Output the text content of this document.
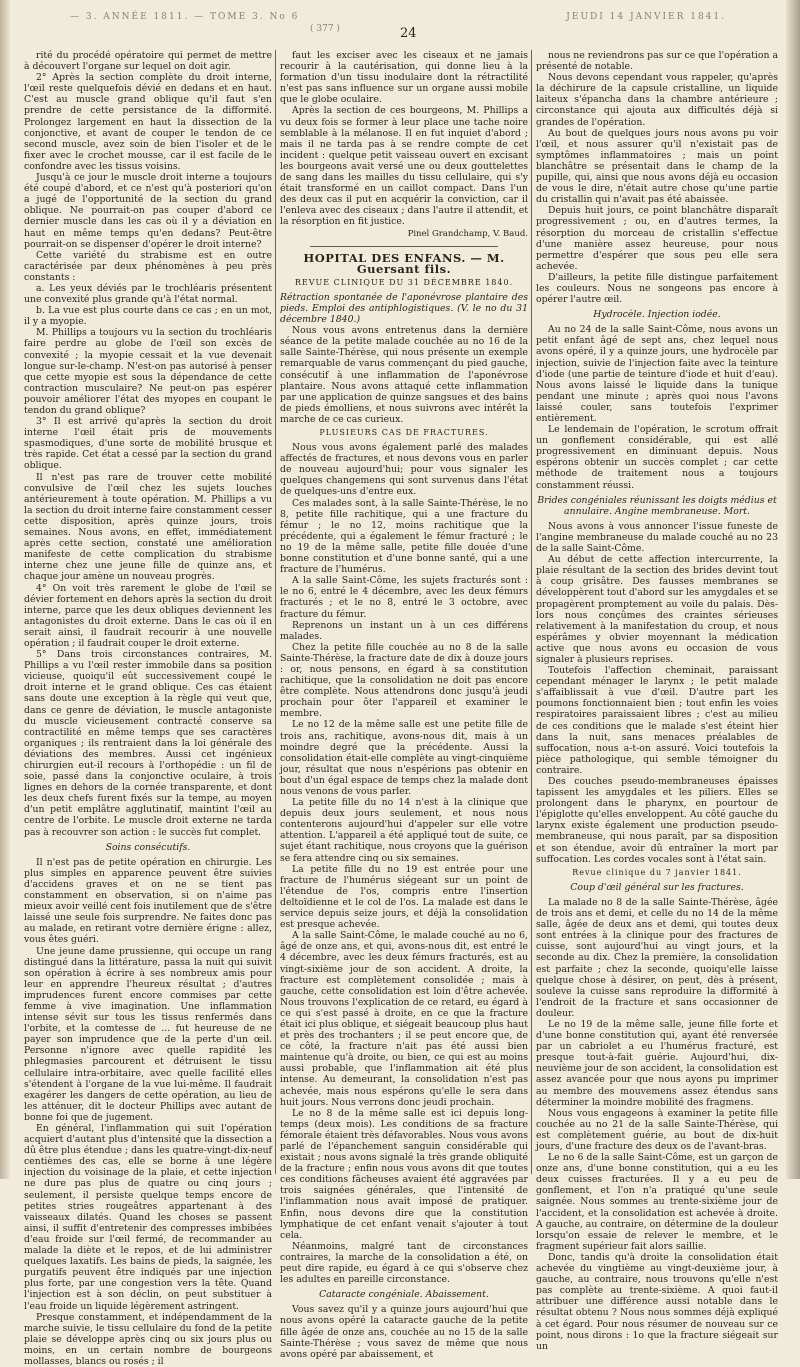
— 3. ANNÉE 1811. — TOME 3. No 6
( 377 )	24
JEUDI 14 JANVIER 1841.

rité du procédé opératoire qui permet de mettre à découvert l'organe sur lequel on doit agir.

2° Après la section complète du droit interne, l'œil reste quelquefois dévié en dedans et en haut. C'est au muscle grand oblique qu'il faut s'en prendre de cette persistance de la difformité. Prolongez largement en haut la dissection de la conjonctive, et avant de couper le tendon de ce second muscle, avez soin de bien l'isoler et de le fixer avec le crochet mousse, car il est facile de le confondre avec les tissus voisins.

Jusqu'à ce jour le muscle droit interne a toujours été coupé d'abord, et ce n'est qu'à posteriori qu'on a jugé de l'opportunité de la section du grand oblique. Ne pourrait-on pas couper d'abord ce dernier muscle dans les cas où il y a déviation en haut en même temps qu'en dedans? Peut-être pourrait-on se dispenser d'opérer le droit interne?

Cette variété du strabisme est en outre caractérisée par deux phénomènes à peu près constants :

a. Les yeux déviés par le trochléaris présentent une convexité plus grande qu'à l'état normal.

b. La vue est plus courte dans ce cas ; en un mot, il y a myopie.

M. Phillips a toujours vu la section du trochléaris faire perdre au globe de l'œil son excès de convexité ; la myopie cessait et la vue devenait longue sur-le-champ. N'est-on pas autorisé à penser que cette myopie est sous la dépendance de cette contraction musculaire? Ne peut-on pas espérer pouvoir améliorer l'état des myopes en coupant le tendon du grand oblique?

3° Il est arrivé qu'après la section du droit interne l'œil était pris de mouvements spasmodiques, d'une sorte de mobilité brusque et très rapide. Cet état a cessé par la section du grand oblique.

Il n'est pas rare de trouver cette mobilité convulsive de l'œil chez les sujets louches antérieurement à toute opération. M. Phillips a vu la section du droit interne faire constamment cesser cette disposition, après quinze jours, trois semaines. Nous avons, en effet, immédiatement après cette section, constaté une amélioration manifeste de cette complication du strabisme interne chez une jeune fille de quinze ans, et chaque jour amène un nouveau progrès.

4° On voit très rarement le globe de l'œil se dévier fortement en dehors après la section du droit interne, parce que les deux obliques deviennent les antagonistes du droit externe. Dans le cas où il en serait ainsi, il faudrait recourir à une nouvelle opération ; il faudrait couper le droit externe.

5° Dans trois circonstances contraires, M. Phillips a vu l'œil rester immobile dans sa position vicieuse, quoiqu'il eût successivement coupé le droit interne et le grand oblique. Ces cas étaient sans doute une exception à la règle qui veut que, dans ce genre de déviation, le muscle antagoniste du muscle vicieusement contracté conserve sa contractilité en même temps que ses caractères organiques ; ils rentraient dans la loi générale des déviations des membres. Aussi cet ingénieux chirurgien eut-il recours à l'orthopédie : un fil de soie, passé dans la conjonctive oculaire, à trois lignes en dehors de la cornée transparente, et dont les deux chefs furent fixés sur la tempe, au moyen d'un petit emplâtre agglutinatif, maintint l'œil au centre de l'orbite. Le muscle droit externe ne tarda pas à recouvrer son action : le succès fut complet.

Soins consécutifs.

Il n'est pas de petite opération en chirurgie. Les plus simples en apparence peuvent être suivies d'accidens graves et on ne se tient pas constamment en observation, si on n'aime pas mieux avoir veillé cent fois inutilement que de s'être laissé une seule fois surprendre. Ne faites donc pas au malade, en retirant votre dernière érigne : allez, vous êtes guéri.

Une jeune dame prussienne, qui occupe un rang distingué dans la littérature, passa la nuit qui suivit son opération à écrire à ses nombreux amis pour leur en apprendre l'heureux résultat ; d'autres imprudences furent encore commises par cette femme à vive imagination. Une inflammation intense sévit sur tous les tissus renfermés dans l'orbite, et la comtesse de ... fut heureuse de ne payer son imprudence que de la perte d'un œil. Personne n'ignore avec quelle rapidité les phlegmasies parcourent et détruisent le tissu cellulaire intra-orbitaire, avec quelle facilité elles s'étendent à l'organe de la vue lui-même. Il faudrait exagérer les dangers de cette opération, au lieu de les atténuer, dit le docteur Phillips avec autant de bonne foi que de jugement.

En général, l'inflammation qui suit l'opération acquiert d'autant plus d'intensité que la dissection a dû être plus étendue ; dans les quatre-vingt-dix-neuf centièmes des cas, elle se borne à une légère injection du voisinage de la plaie, et cette injection ne dure pas plus de quatre ou cinq jours ; seulement, il persiste quelque temps encore de petites stries rougeâtres appartenant à des vaisseaux dilatés. Quand les choses se passent ainsi, il suffit d'entretenir des compresses imbibées d'eau froide sur l'œil fermé, de recommander au malade la diète et le repos, et de lui administrer quelques laxatifs. Les bains de pieds, la saignée, les purgatifs peuvent être indiqués par une injection plus forte, par une congestion vers la tête. Quand l'injection est à son déclin, on peut substituer à l'eau froide un liquide légèrement astringent.

Presque constamment, et indépendamment de la marche suivie, le tissu cellulaire du fond de la petite plaie se développe après cinq ou six jours plus ou moins, en un certain nombre de bourgeons mollasses, blancs ou rosés ; il

faut les exciser avec les ciseaux et ne jamais recourir à la cautérisation, qui donne lieu à la formation d'un tissu inodulaire dont la rétractilité n'est pas sans influence sur un organe aussi mobile que le globe oculaire.

Après la section de ces bourgeons, M. Phillips a vu deux fois se former à leur place une tache noire semblable à la mélanose. Il en fut inquiet d'abord ; mais il ne tarda pas à se rendre compte de cet incident : quelque petit vaisseau ouvert en excisant les bourgeons avait versé une ou deux gouttelettes de sang dans les mailles du tissu cellulaire, qui s'y était transformé en un caillot compact. Dans l'un des deux cas il put en acquérir la conviction, car il l'enleva avec des ciseaux ; dans l'autre il attendit, et la résorption en fit justice.

Pinel Grandchamp, V. Baud.
HOPITAL DES ENFANS. — M. Guersant fils.
REVUE CLINIQUE DU 31 DÉCEMBRE 1840.

Rétraction spontanée de l'aponévrose plantaire des pieds. Emploi des antiphlogistiques. (V. le no du 31 décembre 1840.)

Nous vous avons entretenus dans la dernière séance de la petite malade couchée au no 16 de la salle Sainte-Thérèse, qui nous présente un exemple remarquable de varus commençant du pied gauche, consécutif à une inflammation de l'aponévrose plantaire. Nous avons attaqué cette inflammation par une application de quinze sangsues et des bains de pieds émolliens, et nous suivrons avec intérêt la marche de ce cas curieux.

PLUSIEURS CAS DE FRACTURES.

Nous vous avons également parlé des malades affectés de fractures, et nous devons vous en parler de nouveau aujourd'hui; pour vous signaler les quelques changemens qui sont survenus dans l'état de quelques-uns d'entre eux.

Ces malades sont, à la salle Sainte-Thérèse, le no 8, petite fille rachitique, qui a une fracture du fémur ; le no 12, moins rachitique que la précédente, qui a également le fémur fracturé ; le no 19 de la même salle, petite fille douée d'une bonne constitution et d'une bonne santé, qui a une fracture de l'humérus.

A la salle Saint-Côme, les sujets fracturés sont : le no 6, entré le 4 décembre, avec les deux fémurs fracturés ; et le no 8, entré le 3 octobre, avec fracture du fémur.

Reprenons un instant un à un ces différens malades.

Chez la petite fille couchée au no 8 de la salle Sainte-Thérèse, la fracture date de dix à douze jours : or, nous pensons, en égard à sa constitution rachitique, que la consolidation ne doit pas encore être complète. Nous attendrons donc jusqu'à jeudi prochain pour ôter l'appareil et examiner le membre.

Le no 12 de la même salle est une petite fille de trois ans, rachitique, avons-nous dit, mais à un moindre degré que la précédente. Aussi la consolidation était-elle complète au vingt-cinquième jour, résultat que nous n'espérions pas obtenir en bout d'un égal espace de temps chez la malade dont nous venons de vous parler.

La petite fille du no 14 n'est à la clinique que depuis deux jours seulement, et nous nous contenterons aujourd'hui d'appeler sur elle votre attention. L'appareil a été appliqué tout de suite, ce sujet étant rachitique, nous croyons que la guérison se fera attendre cinq ou six semaines.

La petite fille du no 19 est entrée pour une fracture de l'humérus siégeant sur un point de l'étendue de l'os, compris entre l'insertion deltoïdienne et le col de l'os. La malade est dans le service depuis seize jours, et déjà la consolidation est presque achevée.

A la salle Saint-Côme, le malade couché au no 6, âgé de onze ans, et qui, avons-nous dit, est entré le 4 décembre, avec les deux fémurs fracturés, est au vingt-sixième jour de son accident. A droite, la fracture est complètement consolidée ; mais à gauche, cette consolidation est loin d'être achevée. Nous trouvons l'explication de ce retard, eu égard à ce qui s'est passé à droite, en ce que la fracture était ici plus oblique, et siégeait beaucoup plus haut et près des trochanters ; il se peut encore que, de ce côté, la fracture n'ait pas été aussi bien maintenue qu'à droite, ou bien, ce qui est au moins aussi probable, que l'inflammation ait été plus intense. Au demeurant, la consolidation n'est pas achevée, mais nous espérons qu'elle le sera dans huit jours. Nous verrons donc jeudi prochain.

Le no 8 de la même salle est ici depuis long-temps (deux mois). Les conditions de sa fracture fémorale étaient très défavorables. Nous vous avons parlé de l'épanchement sanguin considérable qui existait ; nous avons signalé la très grande obliquité de la fracture ; enfin nous vous avons dit que toutes ces conditions fâcheuses avaient été aggravées par trois saignées générales, que l'intensité de l'inflammation nous avait imposé de pratiquer. Enfin, nous devons dire que la constitution lymphatique de cet enfant venait s'ajouter à tout cela.

Néanmoins, malgré tant de circonstances contraires, la marche de la consolidation a été, on peut dire rapide, eu égard à ce qui s'observe chez les adultes en pareille circonstance.

Cataracte congéniale. Abaissement.

Vous savez qu'il y a quinze jours aujourd'hui que nous avons opéré la cataracte gauche de la petite fille âgée de onze ans, couchée au no 15 de la salle Sainte-Thérèse ; vous savez de même que nous avons opéré par abaissement, et

nous ne reviendrons pas sur ce que l'opération a présenté de notable.

Nous devons cependant vous rappeler, qu'après la déchirure de la capsule cristalline, un liquide laiteux s'épancha dans la chambre antérieure ; circonstance qui ajouta aux difficultés déjà si grandes de l'opération.

Au bout de quelques jours nous avons pu voir l'œil, et nous assurer qu'il n'existait pas de symptômes inflammatoires ; mais un point blanchâtre se présentait dans le champ de la pupille, qui, ainsi que nous avons déjà eu occasion de vous le dire, n'était autre chose qu'une partie du cristallin qui n'avait pas été abaissée.

Depuis huit jours, ce point blanchâtre disparaît progressivement ; ou, en d'autres termes, la résorption du morceau de cristallin s'effectue d'une manière assez heureuse, pour nous permettre d'espérer que sous peu elle sera achevée.

D'ailleurs, la petite fille distingue parfaitement les couleurs. Nous ne songeons pas encore à opérer l'autre œil.

Hydrocèle. Injection iodée.

Au no 24 de la salle Saint-Côme, nous avons un petit enfant âgé de sept ans, chez lequel nous avons opéré, il y a quinze jours, une hydrocèle par injection, suivie de l'injection faite avec la teinture d'iode (une partie de teinture d'iode et huit d'eau). Nous avons laissé le liquide dans la tunique pendant une minute ; après quoi nous l'avons laissé couler, sans toutefois l'exprimer entièrement.

Le lendemain de l'opération, le scrotum offrait un gonflement considérable, qui est allé progressivement en diminuant depuis. Nous espérons obtenir un succès complet ; car cette méthode de traitement nous a toujours constamment réussi.

Brides congéniales réunissant les doigts médius et annulaire. Angine membraneuse. Mort.

Nous avons à vous annoncer l'issue funeste de l'angine membraneuse du malade couché au no 23 de la salle Saint-Côme.

Au début de cette affection intercurrente, la plaie résultant de la section des brides devint tout à coup grisâtre. Des fausses membranes se développèrent tout d'abord sur les amygdales et se propagèrent promptement au voile du palais. Dès-lors nous conçûmes des craintes sérieuses relativement à la manifestation du croup, et nous espérâmes y obvier moyennant la médication active que nous avons eu occasion de vous signaler à plusieurs reprises.

Toutefois l'affection cheminait, paraissant cependant ménager le larynx ; le petit malade s'affaiblissait à vue d'œil. D'autre part les poumons fonctionnaient bien ; tout enfin les voies respiratoires paraissaient libres ; c'est au milieu de ces conditions que le malade s'est éteint hier dans la nuit, sans menaces préalables de suffocation, nous a-t-on assuré. Voici toutefois la pièce pathologique, qui semble témoigner du contraire.

Des couches pseudo-membraneuses épaisses tapissent les amygdales et les piliers. Elles se prolongent dans le pharynx, en pourtour de l'épiglotte qu'elles enveloppent. Au côté gauche du larynx existe également une production pseudo-membraneuse, qui nous paraît, par sa disposition et son étendue, avoir dû entraîner la mort par suffocation. Les cordes vocales sont à l'état sain.

Revue clinique du 7 janvier 1841.
Coup d'œil général sur les fractures.

La malade no 8 de la salle Sainte-Thérèse, âgée de trois ans et demi, et celle du no 14 de la même salle, âgée de deux ans et demi, qui toutes deux sont entrées à la clinique pour des fractures de cuisse, sont aujourd'hui au vingt jours, et la seconde au dix. Chez la première, la consolidation est parfaite ; chez la seconde, quoiqu'elle laisse quelque chose à désirer, on peut, dès à présent, souleve la cuisse sans reproduire la difformité à l'endroit de la fracture et sans occasionner de douleur.

Le no 19 de la même salle, jeune fille forte et d'une bonne constitution qui, ayant été renversée par un cabriolet a eu l'humérus fracturé, est presque tout-à-fait guérie. Aujourd'hui, dix-neuvième jour de son accident, la consolidation est assez avancée pour que nous ayons pu imprimer au membre des mouvemens assez étendus sans déterminer la moindre mobilité des fragmens.

Nous vous engageons à examiner la petite fille couchée au no 21 de la salle Sainte-Thérèse, qui est complètement guérie, au bout de dix-huit jours, d'une fracture des deux os de l'avant-bras.

Le no 6 de la salle Saint-Côme, est un garçon de onze ans, d'une bonne constitution, qui a eu les deux cuisses fracturées. Il y a eu peu de gonflement, et l'on n'a pratiqué qu'une seule saignée. Nous sommes au trente-sixième jour de l'accident, et la consolidation est achevée à droite. A gauche, au contraire, on détermine de la douleur lorsqu'on essaie de relever le membre, et le fragment supérieur fait alors saillie.

Donc, tandis qu'à droite la consolidation était achevée du vingtième au vingt-deuxième jour, à gauche, au contraire, nous trouvons qu'elle n'est pas complète au trente-sixième. A quoi faut-il attribuer une différence aussi notable dans le résultat obtenu ? Nous nous sommes déjà expliqué à cet égard. Pour nous résumer de nouveau sur ce point, nous dirons : 1o que la fracture siégeait sur un
